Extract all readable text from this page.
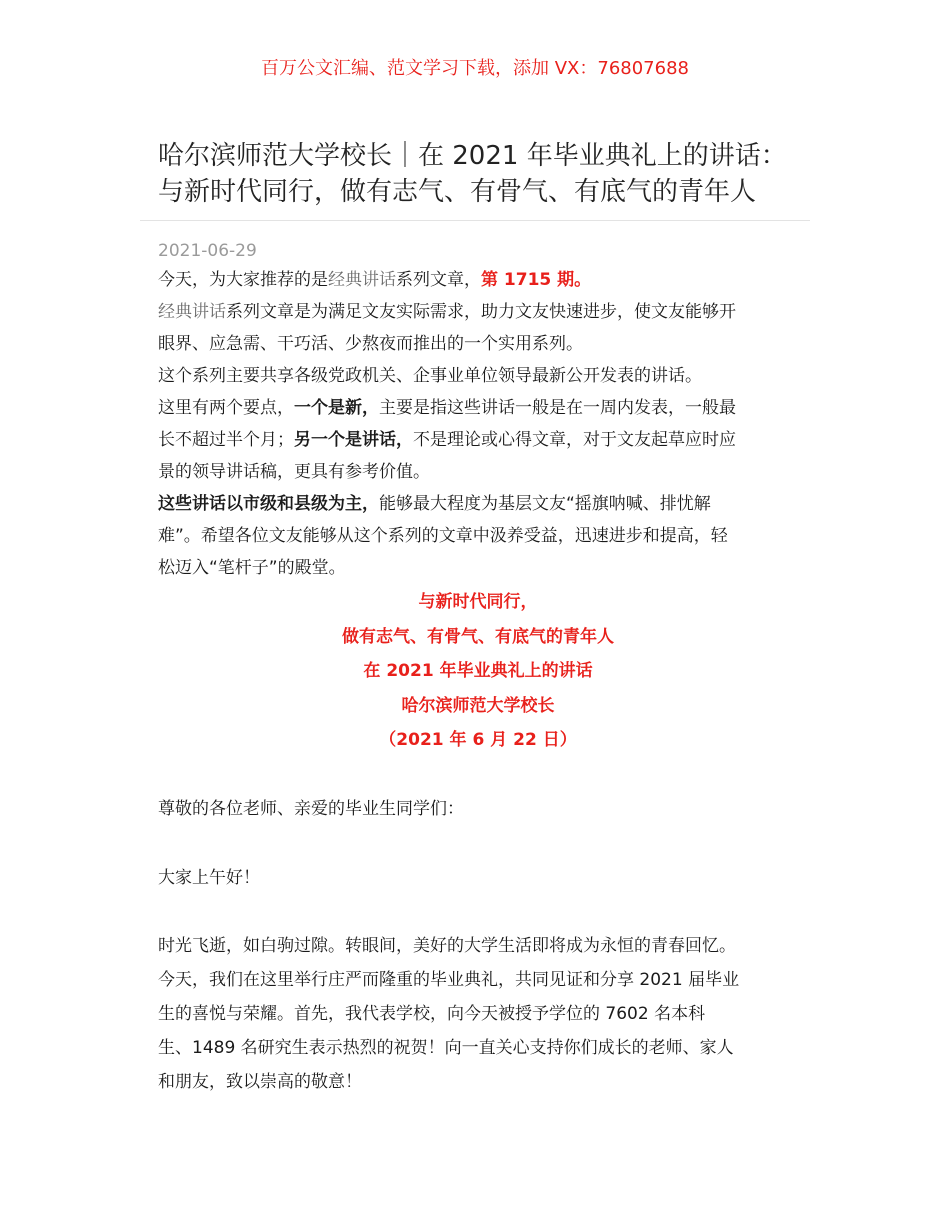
百万公文汇编、范文学习下载，添加 VX：76807688
哈尔滨师范大学校长｜在 2021 年毕业典礼上的讲话：
与新时代同行，做有志气、有骨气、有底气的青年人
2021-06-29
今天，为大家推荐的是经典讲话系列文章，第 1715 期。
经典讲话系列文章是为满足文友实际需求，助力文友快速进步，使文友能够开
眼界、应急需、干巧活、少熬夜而推出的一个实用系列。
这个系列主要共享各级党政机关、企事业单位领导最新公开发表的讲话。
这里有两个要点，一个是新，主要是指这些讲话一般是在一周内发表，一般最
长不超过半个月；另一个是讲话，不是理论或心得文章，对于文友起草应时应
景的领导讲话稿，更具有参考价值。
这些讲话以市级和县级为主，能够最大程度为基层文友“摇旗呐喊、排忧解
难”。希望各位文友能够从这个系列的文章中汲养受益，迅速进步和提高，轻
松迈入“笔杆子”的殿堂。
与新时代同行，
做有志气、有骨气、有底气的青年人
在 2021 年毕业典礼上的讲话
哈尔滨师范大学校长
（2021 年 6 月 22 日）
尊敬的各位老师、亲爱的毕业生同学们：
大家上午好！
时光飞逝，如白驹过隙。转眼间，美好的大学生活即将成为永恒的青春回忆。
今天，我们在这里举行庄严而隆重的毕业典礼，共同见证和分享 2021 届毕业
生的喜悦与荣耀。首先，我代表学校，向今天被授予学位的 7602 名本科
生、1489 名研究生表示热烈的祝贺！向一直关心支持你们成长的老师、家人
和朋友，致以崇高的敬意！
